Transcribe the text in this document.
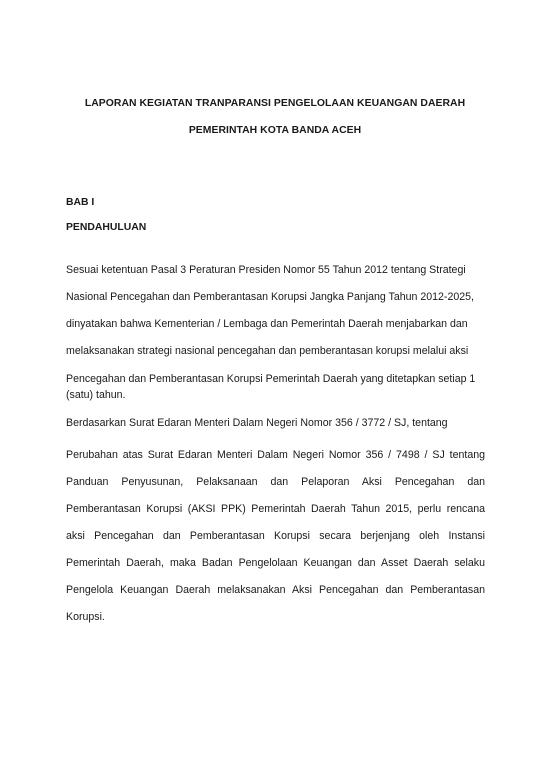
LAPORAN KEGIATAN TRANPARANSI PENGELOLAAN KEUANGAN DAERAH
PEMERINTAH KOTA BANDA ACEH
BAB I
PENDAHULUAN
Sesuai ketentuan Pasal 3 Peraturan Presiden Nomor 55 Tahun 2012 tentang Strategi
Nasional Pencegahan dan Pemberantasan Korupsi Jangka Panjang Tahun 2012-2025,
dinyatakan bahwa Kementerian / Lembaga dan Pemerintah Daerah menjabarkan dan
melaksanakan strategi nasional pencegahan dan pemberantasan korupsi melalui aksi
Pencegahan dan Pemberantasan Korupsi Pemerintah Daerah yang ditetapkan setiap 1
(satu) tahun.
Berdasarkan Surat Edaran Menteri Dalam Negeri Nomor 356 / 3772 / SJ, tentang
Perubahan atas Surat Edaran Menteri Dalam Negeri Nomor 356 / 7498 / SJ tentang
Panduan Penyusunan, Pelaksanaan dan Pelaporan Aksi Pencegahan dan
Pemberantasan Korupsi (AKSI PPK) Pemerintah Daerah Tahun 2015, perlu rencana
aksi Pencegahan dan Pemberantasan Korupsi secara berjenjang oleh Instansi
Pemerintah Daerah, maka Badan Pengelolaan Keuangan dan Asset Daerah selaku
Pengelola Keuangan Daerah melaksanakan Aksi Pencegahan dan Pemberantasan
Korupsi.
